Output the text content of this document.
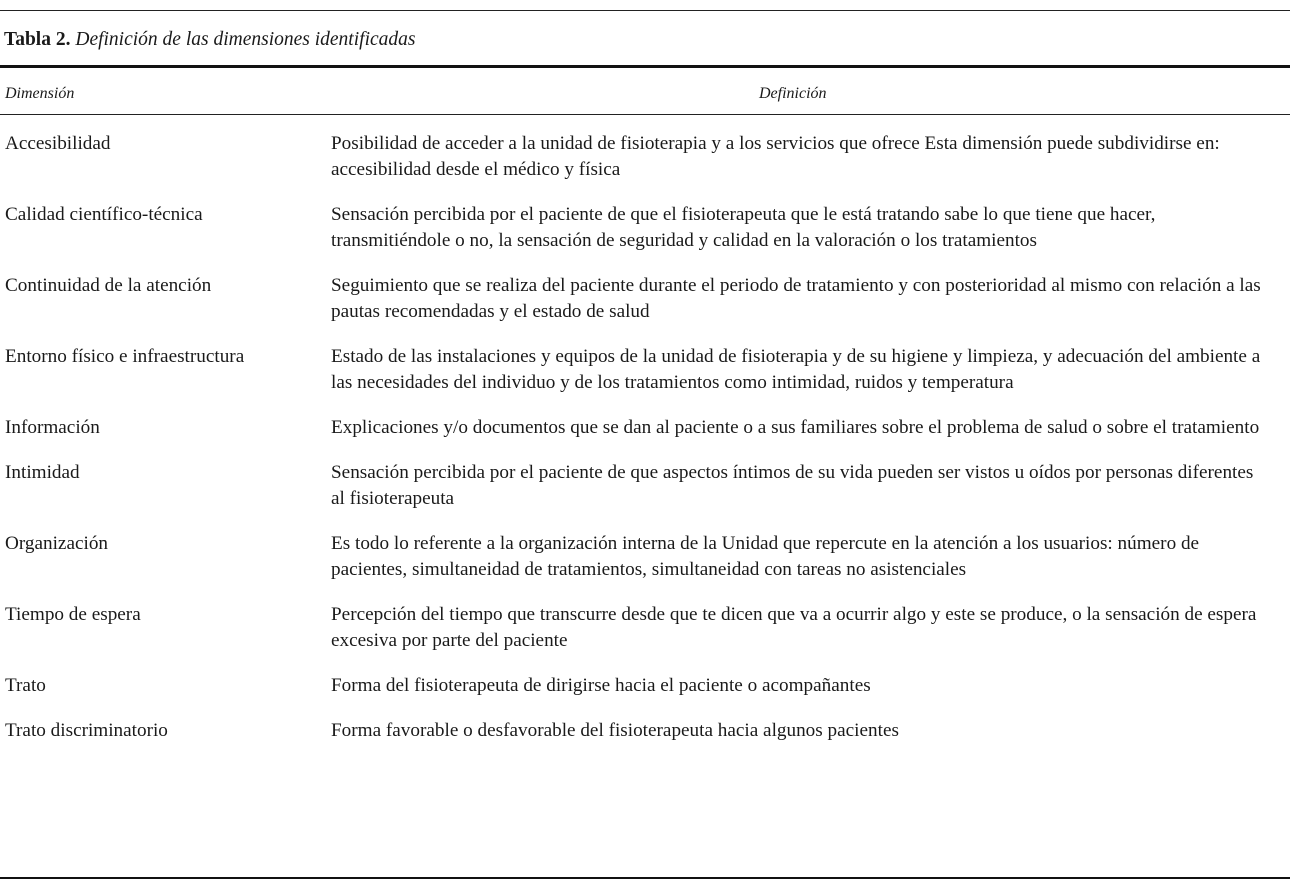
Tabla 2. Definición de las dimensiones identificadas
Dimensión	Definición
Accesibilidad	Posibilidad de acceder a la unidad de fisioterapia y a los servicios que ofrece Esta dimensión puede subdividirse en: accesibilidad desde el médico y física
Calidad científico-técnica	Sensación percibida por el paciente de que el fisioterapeuta que le está tratando sabe lo que tiene que hacer, transmitiéndole o no, la sensación de seguridad y calidad en la valoración o los tratamientos
Continuidad de la atención	Seguimiento que se realiza del paciente durante el periodo de tratamiento y con posterioridad al mismo con relación a las pautas recomendadas y el estado de salud
Entorno físico e infraestructura	Estado de las instalaciones y equipos de la unidad de fisioterapia y de su higiene y limpieza, y adecuación del ambiente a las necesidades del individuo y de los tratamientos como intimidad, ruidos y temperatura
Información	Explicaciones y/o documentos que se dan al paciente o a sus familiares sobre el problema de salud o sobre el tratamiento
Intimidad	Sensación percibida por el paciente de que aspectos íntimos de su vida pueden ser vistos u oídos por personas diferentes al fisioterapeuta
Organización	Es todo lo referente a la organización interna de la Unidad que repercute en la atención a los usuarios: número de pacientes, simultaneidad de tratamientos, simultaneidad con tareas no asistenciales
Tiempo de espera	Percepción del tiempo que transcurre desde que te dicen que va a ocurrir algo y este se produce, o la sensación de espera excesiva por parte del paciente
Trato	Forma del fisioterapeuta de dirigirse hacia el paciente o acompañantes
Trato discriminatorio	Forma favorable o desfavorable del fisioterapeuta hacia algunos pacientes
